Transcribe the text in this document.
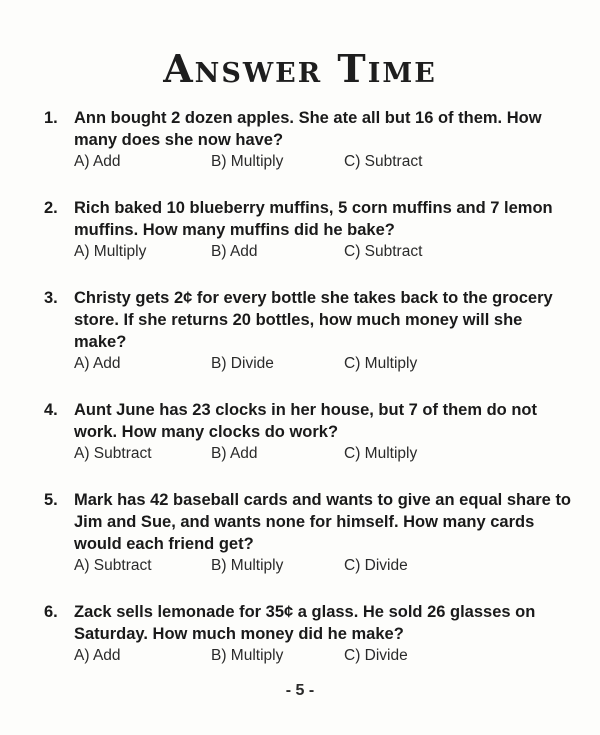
Answer Time
1. Ann bought 2 dozen apples. She ate all but 16 of them. How many does she now have?
A) Add	B) Multiply	C) Subtract
2. Rich baked 10 blueberry muffins, 5 corn muffins and 7 lemon muffins. How many muffins did he bake?
A) Multiply	B) Add	C) Subtract
3. Christy gets 2¢ for every bottle she takes back to the grocery store. If she returns 20 bottles, how much money will she make?
A) Add	B) Divide	C) Multiply
4. Aunt June has 23 clocks in her house, but 7 of them do not work. How many clocks do work?
A) Subtract	B) Add	C) Multiply
5. Mark has 42 baseball cards and wants to give an equal share to Jim and Sue, and wants none for himself. How many cards would each friend get?
A) Subtract	B) Multiply	C) Divide
6. Zack sells lemonade for 35¢ a glass. He sold 26 glasses on Saturday. How much money did he make?
A) Add	B) Multiply	C) Divide
- 5 -
